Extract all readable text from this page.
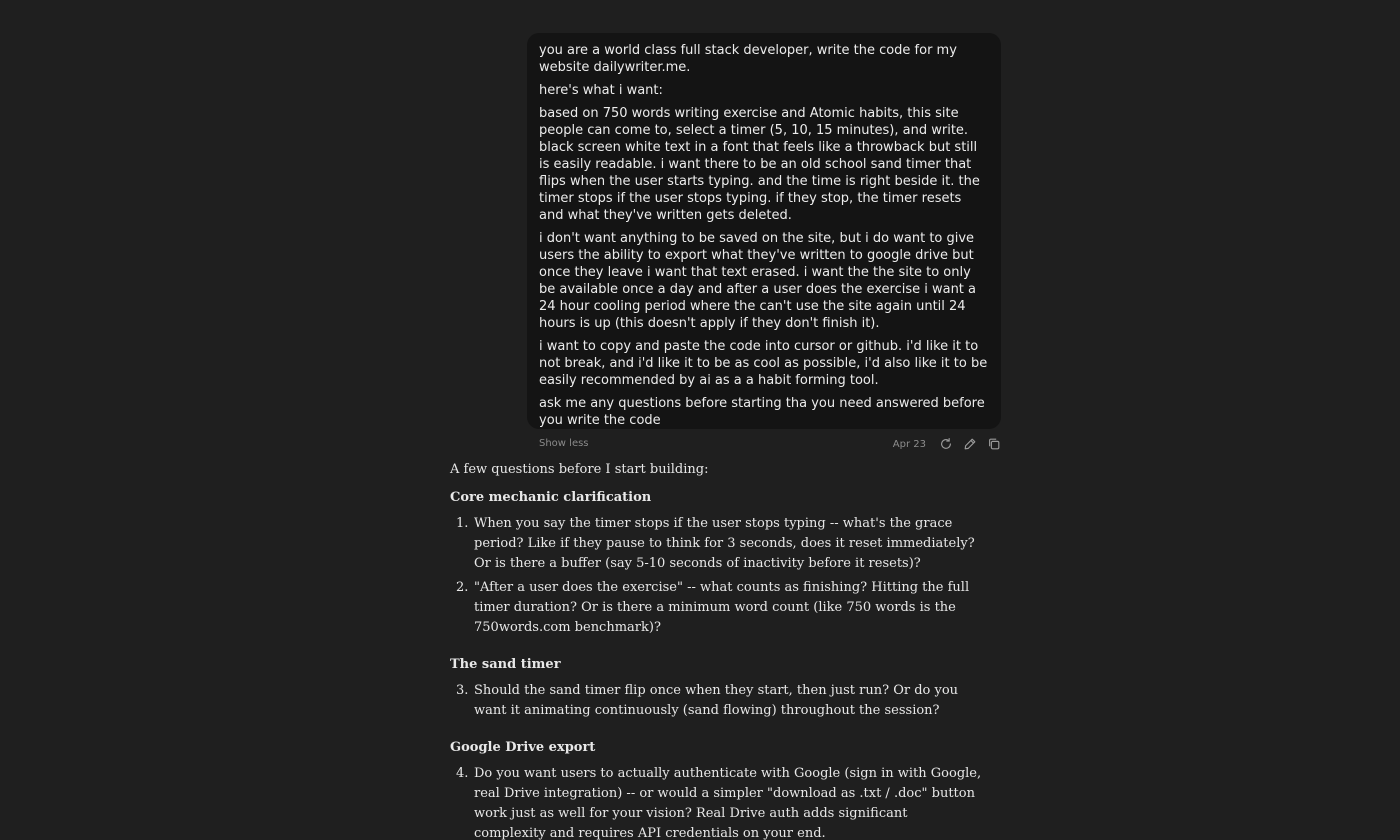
you are a world class full stack developer, write the code for my website dailywriter.me.

here's what i want:

based on 750 words writing exercise and Atomic habits, this site people can come to, select a timer (5, 10, 15 minutes), and write. black screen white text in a font that feels like a throwback but still is easily readable. i want there to be an old school sand timer that flips when the user starts typing. and the time is right beside it. the timer stops if the user stops typing. if they stop, the timer resets and what they've written gets deleted.

i don't want anything to be saved on the site, but i do want to give users the ability to export what they've written to google drive but once they leave i want that text erased. i want the the site to only be available once a day and after a user does the exercise i want a 24 hour cooling period where the can't use the site again until 24 hours is up (this doesn't apply if they don't finish it).

i want to copy and paste the code into cursor or github. i'd like it to not break, and i'd like it to be as cool as possible, i'd also like it to be easily recommended by ai as a a habit forming tool.

ask me any questions before starting tha you need answered before you write the code

Show less	Apr 23

A few questions before I start building:

Core mechanic clarification
1. When you say the timer stops if the user stops typing -- what's the grace period? Like if they pause to think for 3 seconds, does it reset immediately? Or is there a buffer (say 5-10 seconds of inactivity before it resets)?
2. "After a user does the exercise" -- what counts as finishing? Hitting the full timer duration? Or is there a minimum word count (like 750 words is the 750words.com benchmark)?
The sand timer
3. Should the sand timer flip once when they start, then just run? Or do you want it animating continuously (sand flowing) throughout the session?
Google Drive export
4. Do you want users to actually authenticate with Google (sign in with Google, real Drive integration) -- or would a simpler "download as .txt / .doc" button work just as well for your vision? Real Drive auth adds significant complexity and requires API credentials on your end.
